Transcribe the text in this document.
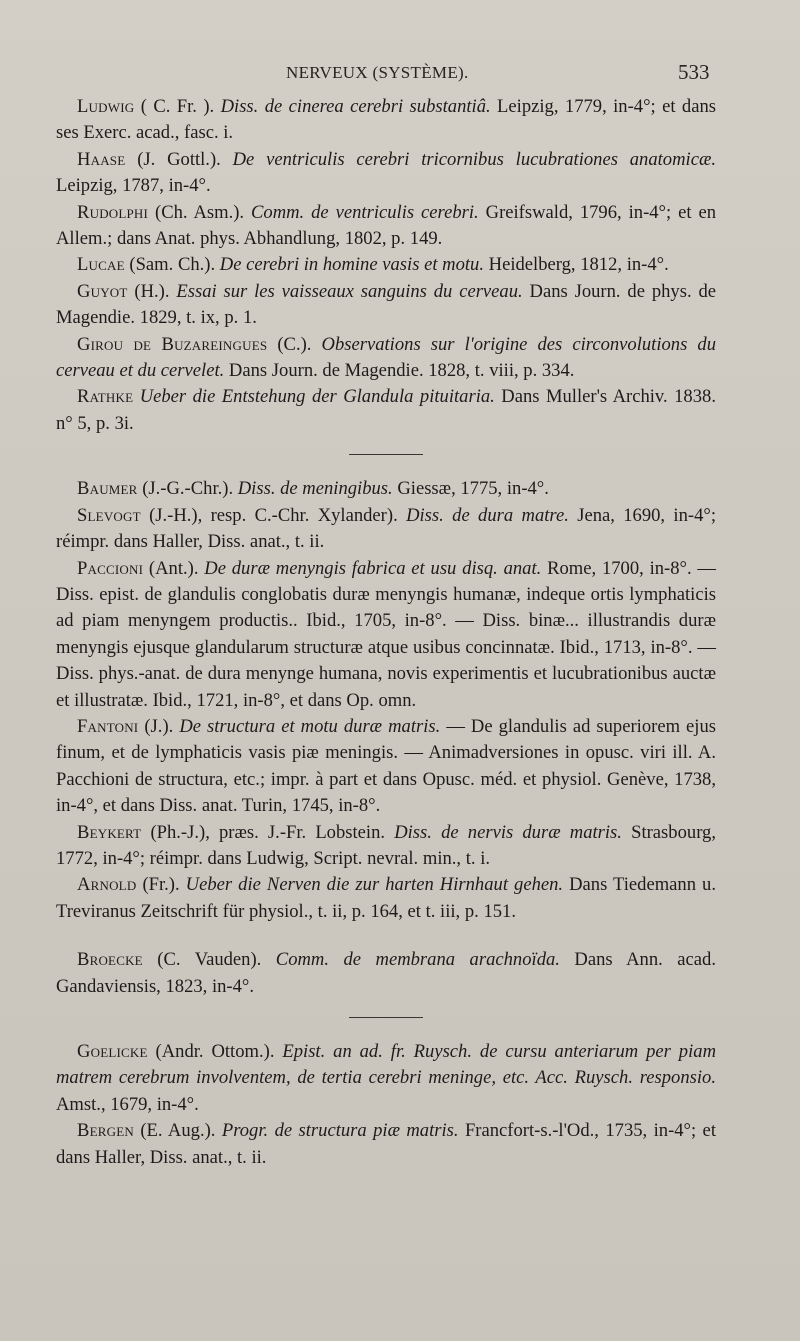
NERVEUX (SYSTÈME).	533

Ludwig ( C. Fr. ). Diss. de cinerea cerebri substantiâ. Leipzig, 1779, in-4°; et dans ses Exerc. acad., fasc. i.

Haase (J. Gottl.). De ventriculis cerebri tricornibus lucubrationes anatomicæ. Leipzig, 1787, in-4°.

Rudolphi (Ch. Asm.). Comm. de ventriculis cerebri. Greifswald, 1796, in-4°; et en Allem.; dans Anat. phys. Abhandlung, 1802, p. 149.

Lucae (Sam. Ch.). De cerebri in homine vasis et motu. Heidelberg, 1812, in-4°.

Guyot (H.). Essai sur les vaisseaux sanguins du cerveau. Dans Journ. de phys. de Magendie. 1829, t. ix, p. 1.

Girou de Buzareingues (C.). Observations sur l'origine des circonvolutions du cerveau et du cervelet. Dans Journ. de Magendie. 1828, t. viii, p. 334.

Rathke Ueber die Entstehung der Glandula pituitaria. Dans Muller's Archiv. 1838. n° 5, p. 3i.

Baumer (J.-G.-Chr.). Diss. de meningibus. Giessæ, 1775, in-4°.

Slevogt (J.-H.), resp. C.-Chr. Xylander). Diss. de dura matre. Jena, 1690, in-4°; réimpr. dans Haller, Diss. anat., t. ii.

Paccioni (Ant.). De duræ menyngis fabrica et usu disq. anat. Rome, 1700, in-8°. — Diss. epist. de glandulis conglobatis duræ menyngis humanæ, indeque ortis lymphaticis ad piam menyngem productis.. Ibid., 1705, in-8°. — Diss. binæ... illustrandis duræ menyngis ejusque glandularum structuræ atque usibus concinnatæ. Ibid., 1713, in-8°. — Diss. phys.-anat. de dura menynge humana, novis experimentis et lucubrationibus auctæ et illustratæ. Ibid., 1721, in-8°, et dans Op. omn.

Fantoni (J.). De structura et motu duræ matris. — De glandulis ad superiorem ejus finum, et de lymphaticis vasis piæ meningis. — Animadversiones in opusc. viri ill. A. Pacchioni de structura, etc.; impr. à part et dans Opusc. méd. et physiol. Genève, 1738, in-4°, et dans Diss. anat. Turin, 1745, in-8°.

Beykert (Ph.-J.), præs. J.-Fr. Lobstein. Diss. de nervis duræ matris. Strasbourg, 1772, in-4°; réimpr. dans Ludwig, Script. nevral. min., t. i.

Arnold (Fr.). Ueber die Nerven die zur harten Hirnhaut gehen. Dans Tiedemann u. Treviranus Zeitschrift für physiol., t. ii, p. 164, et t. iii, p. 151.

Broecke (C. Vauden). Comm. de membrana arachnoïda. Dans Ann. acad. Gandaviensis, 1823, in-4°.

Goelicke (Andr. Ottom.). Epist. an ad. fr. Ruysch. de cursu anteriarum per piam matrem cerebrum involventem, de tertia cerebri meninge, etc. Acc. Ruysch. responsio. Amst., 1679, in-4°.

Bergen (E. Aug.). Progr. de structura piæ matris. Francfort-s.-l'Od., 1735, in-4°; et dans Haller, Diss. anat., t. ii.
